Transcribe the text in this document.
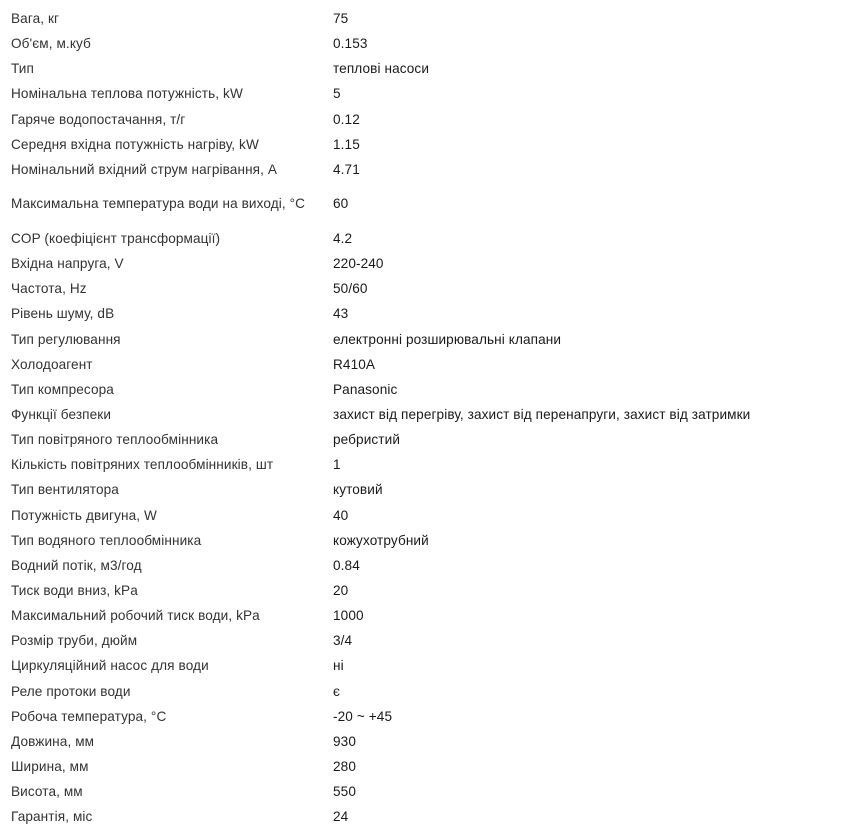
Вага, кг	75
Об'єм, м.куб	0.153
Тип	теплові насоси
Номінальна теплова потужність, kW	5
Гаряче водопостачання, т/г	0.12
Середня вхідна потужність нагріву, kW	1.15
Номінальний вхідний струм нагрівання, А	4.71
Максимальна температура води на виході, °С	60
COP (коефіцієнт трансформації)	4.2
Вхідна напруга, V	220-240
Частота, Hz	50/60
Рівень шуму, dB	43
Тип регулювання	електронні розширювальні клапани
Холодоагент	R410A
Тип компресора	Panasonic
Функції безпеки	захист від перегріву, захист від перенапруги, захист від затримки
Тип повітряного теплообмінника	ребристий
Кількість повітряних теплообмінників, шт	1
Тип вентилятора	кутовий
Потужність двигуна, W	40
Тип водяного теплообмінника	кожухотрубний
Водний потік, м3/год	0.84
Тиск води вниз, kPa	20
Максимальний робочий тиск води, kPa	1000
Розмір труби, дюйм	3/4
Циркуляційний насос для води	ні
Реле протоки води	є
Робоча температура, °С	-20 ~ +45
Довжина, мм	930
Ширина, мм	280
Висота, мм	550
Гарантія, міс	24
